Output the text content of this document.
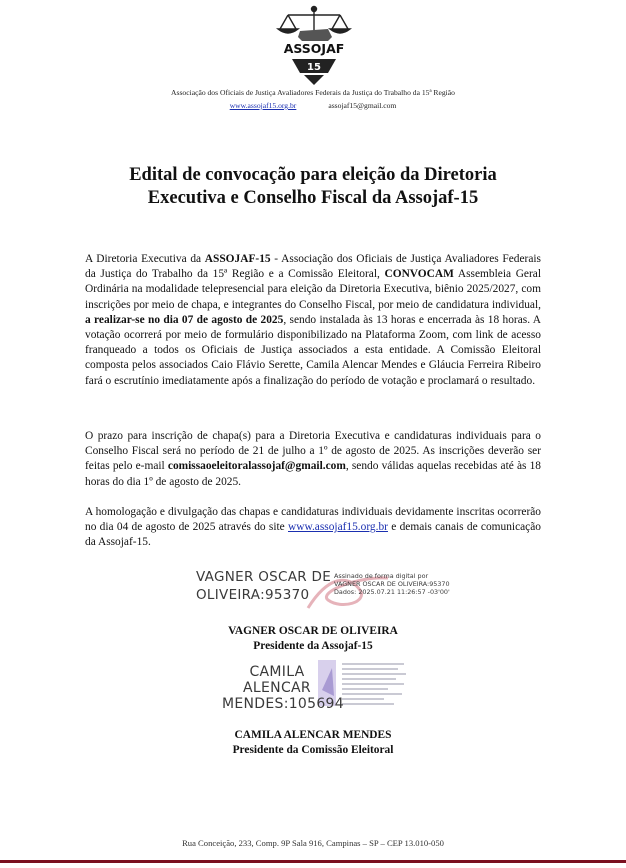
ASSOJAF
15
Associação dos Oficiais de Justiça Avaliadores Federais da Justiça do Trabalho da 15ª Região
www.assojaf15.org.br	assojaf15@gmail.com
Edital de convocação para eleição da Diretoria
Executiva e Conselho Fiscal da Assojaf-15
A Diretoria Executiva da ASSOJAF-15 - Associação dos Oficiais de Justiça Avaliadores Federais da Justiça do Trabalho da 15ª Região e a Comissão Eleitoral, CONVOCAM Assembleia Geral Ordinária na modalidade telepresencial para eleição da Diretoria Executiva, biênio 2025/2027, com inscrições por meio de chapa, e integrantes do Conselho Fiscal, por meio de candidatura individual, a realizar-se no dia 07 de agosto de 2025, sendo instalada às 13 horas e encerrada às 18 horas. A votação ocorrerá por meio de formulário disponibilizado na Plataforma Zoom, com link de acesso franqueado a todos os Oficiais de Justiça associados a esta entidade. A Comissão Eleitoral composta pelos associados Caio Flávio Serette, Camila Alencar Mendes e Gláucia Ferreira Ribeiro fará o escrutínio imediatamente após a finalização do período de votação e proclamará o resultado.
O prazo para inscrição de chapa(s) para a Diretoria Executiva e candidaturas individuais para o Conselho Fiscal será no período de 21 de julho a 1º de agosto de 2025. As inscrições deverão ser feitas pelo e-mail comissaoeleitoralassojaf@gmail.com, sendo válidas aquelas recebidas até às 18 horas do dia 1º de agosto de 2025.
A homologação e divulgação das chapas e candidaturas individuais devidamente inscritas ocorrerão no dia 04 de agosto de 2025 através do site www.assojaf15.org.br e demais canais de comunicação da Assojaf-15.
VAGNER OSCAR DE
OLIVEIRA:95370
Assinado de forma digital por
VAGNER OSCAR DE OLIVEIRA:95370
Dados: 2025.07.21 11:26:57 -03'00'
VAGNER OSCAR DE OLIVEIRA
Presidente da Assojaf-15
CAMILA
ALENCAR
MENDES:105694
CAMILA ALENCAR MENDES
Presidente da Comissão Eleitoral
Rua Conceição, 233, Comp. 9P Sala 916, Campinas – SP – CEP 13.010-050
